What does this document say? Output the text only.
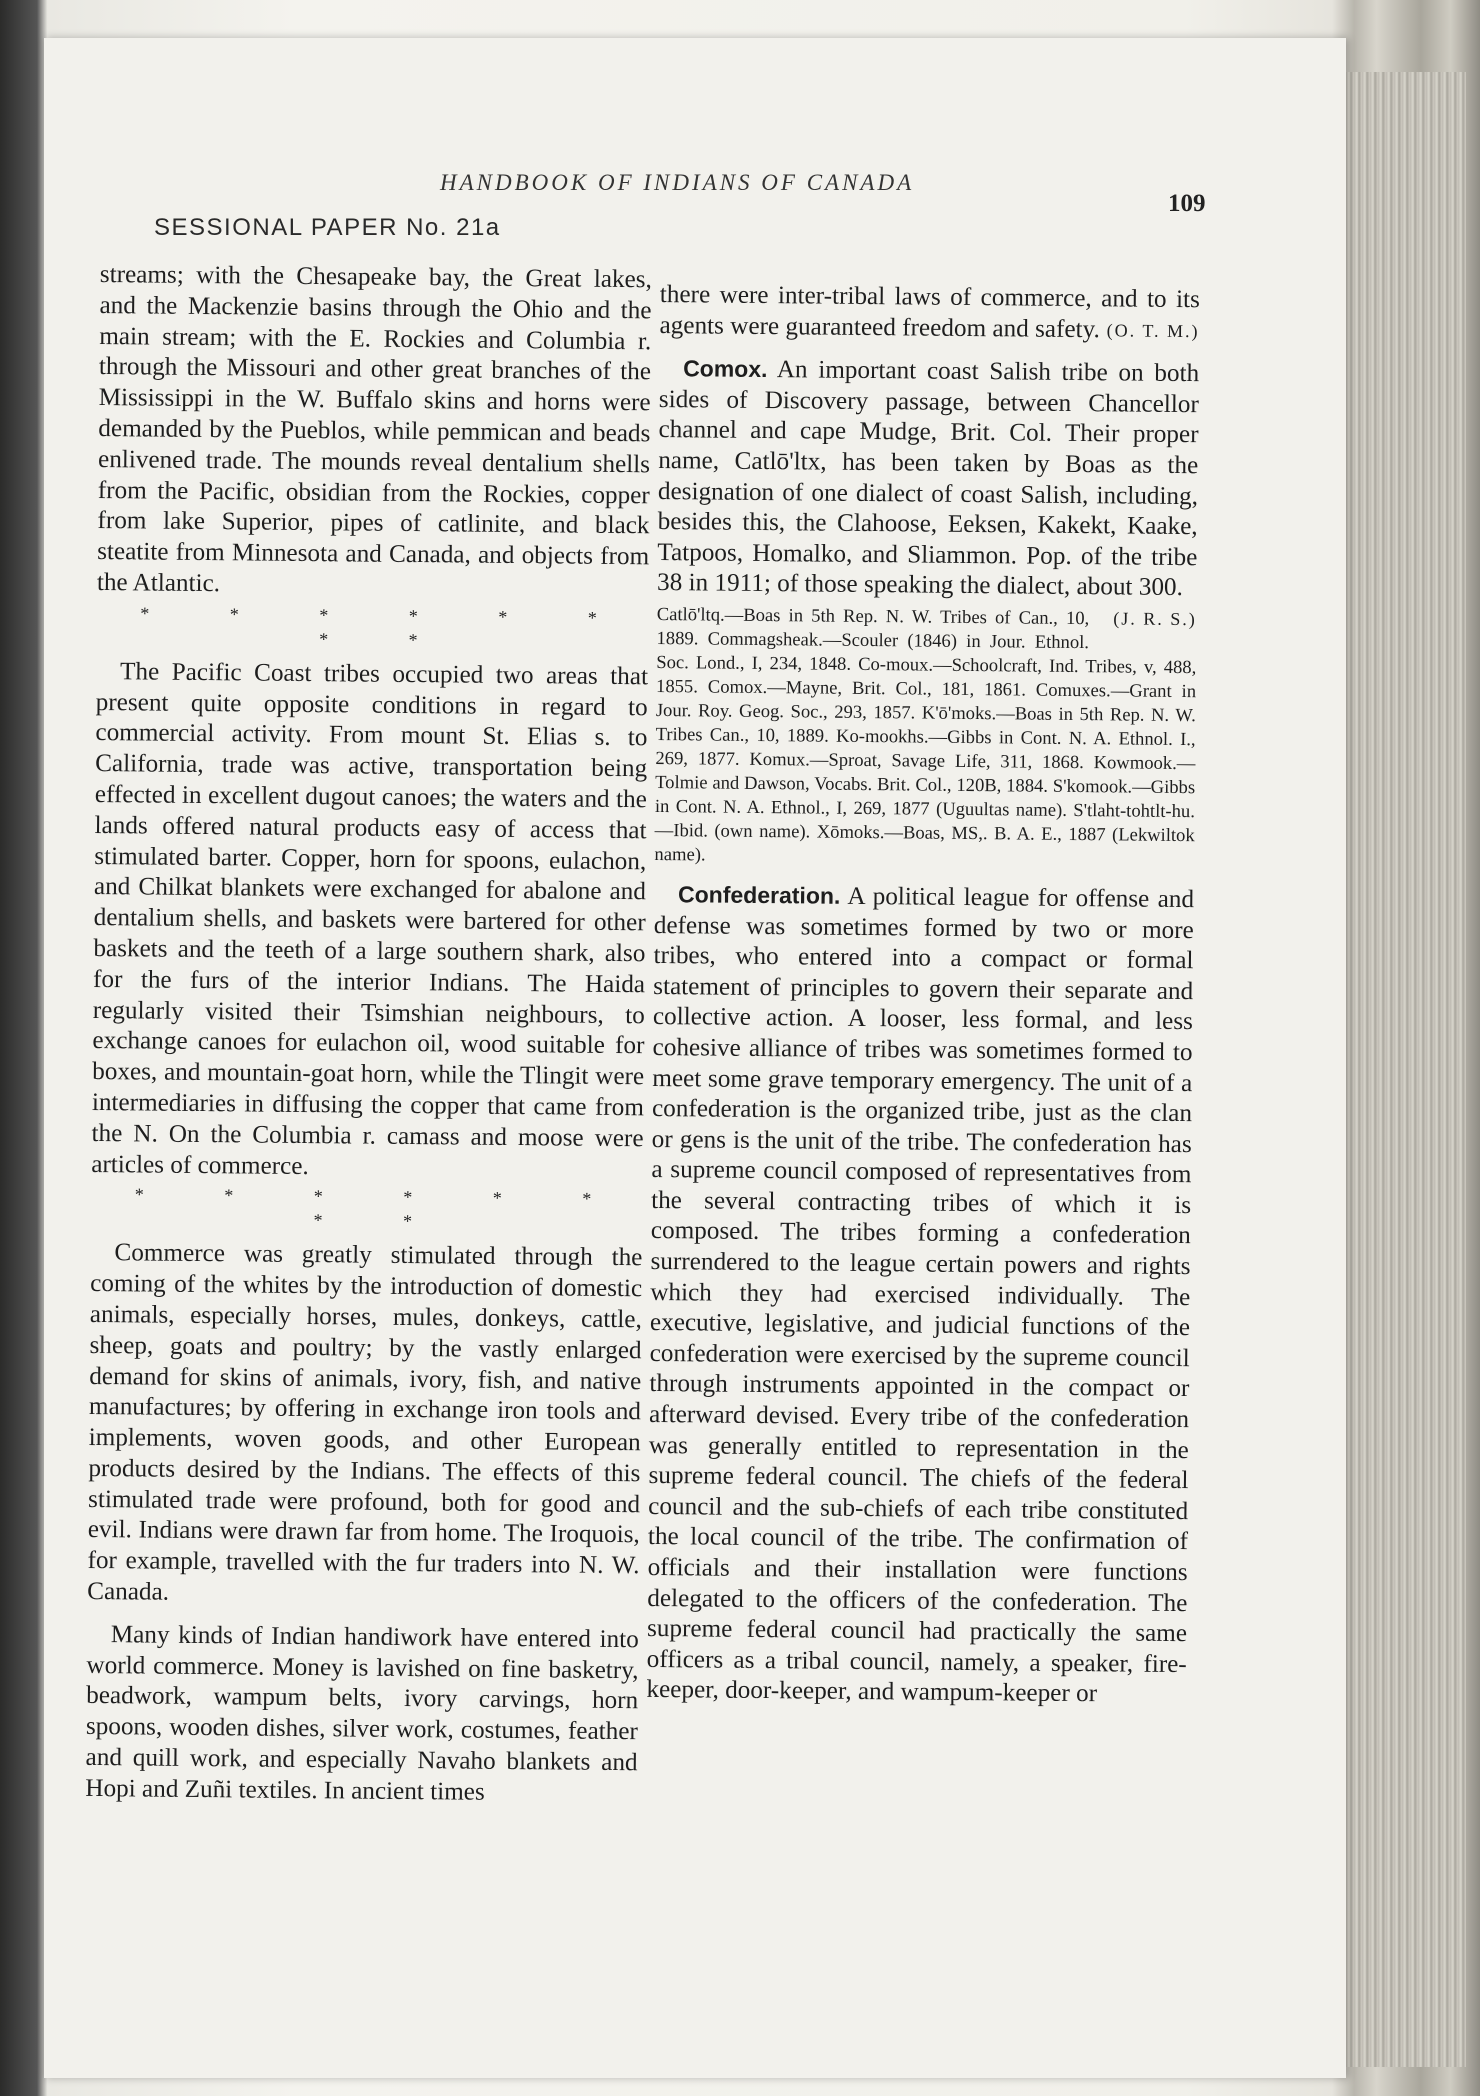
HANDBOOK OF INDIANS OF CANADA
109
SESSIONAL PAPER No. 21a

streams; with the Chesapeake bay, the Great lakes, and the Mackenzie basins through the Ohio and the main stream; with the E. Rockies and Columbia r. through the Missouri and other great branches of the Mississippi in the W. Buffalo skins and horns were demanded by the Pueblos, while pemmican and beads enlivened trade. The mounds reveal dentalium shells from the Pacific, obsidian from the Rockies, copper from lake Superior, pipes of catlinite, and black steatite from Minnesota and Canada, and objects from the Atlantic.

* * * * * * * *

The Pacific Coast tribes occupied two areas that present quite opposite conditions in regard to commercial activity. From mount St. Elias s. to California, trade was active, transportation being effected in excellent dugout canoes; the waters and the lands offered natural products easy of access that stimulated barter. Copper, horn for spoons, eulachon, and Chilkat blankets were exchanged for abalone and dentalium shells, and baskets were bartered for other baskets and the teeth of a large southern shark, also for the furs of the interior Indians. The Haida regularly visited their Tsimshian neighbours, to exchange canoes for eulachon oil, wood suitable for boxes, and mountain-goat horn, while the Tlingit were intermediaries in diffusing the copper that came from the N. On the Columbia r. camass and moose were articles of commerce.

* * * * * * * *

Commerce was greatly stimulated through the coming of the whites by the introduction of domestic animals, especially horses, mules, donkeys, cattle, sheep, goats and poultry; by the vastly enlarged demand for skins of animals, ivory, fish, and native manufactures; by offering in exchange iron tools and implements, woven goods, and other European products desired by the Indians. The effects of this stimulated trade were profound, both for good and evil. Indians were drawn far from home. The Iroquois, for example, travelled with the fur traders into N. W. Canada.

Many kinds of Indian handiwork have entered into world commerce. Money is lavished on fine basketry, beadwork, wampum belts, ivory carvings, horn spoons, wooden dishes, silver work, costumes, feather and quill work, and especially Navaho blankets and Hopi and Zuñi textiles. In ancient times

there were inter-tribal laws of commerce, and to its agents were guaranteed freedom and safety. (O. T. M.)

Comox. An important coast Salish tribe on both sides of Discovery passage, between Chancellor channel and cape Mudge, Brit. Col. Their proper name, Catlō'ltx, has been taken by Boas as the designation of one dialect of coast Salish, including, besides this, the Clahoose, Eeksen, Kakekt, Kaake, Tatpoos, Homalko, and Sliammon. Pop. of the tribe 38 in 1911; of those speaking the dialect, about 300.
(J. R. S.)

Catlō'ltq.—Boas in 5th Rep. N. W. Tribes of Can., 10, 1889. Commagsheak.—Scouler (1846) in Jour. Ethnol. Soc. Lond., I, 234, 1848. Co-moux.—Schoolcraft, Ind. Tribes, v, 488, 1855. Comox.—Mayne, Brit. Col., 181, 1861. Comuxes.—Grant in Jour. Roy. Geog. Soc., 293, 1857. K'ō'moks.—Boas in 5th Rep. N. W. Tribes Can., 10, 1889. Ko-mookhs.—Gibbs in Cont. N. A. Ethnol. I., 269, 1877. Komux.—Sproat, Savage Life, 311, 1868. Kowmook.—Tolmie and Dawson, Vocabs. Brit. Col., 120B, 1884. S'komook.—Gibbs in Cont. N. A. Ethnol., I, 269, 1877 (Uguultas name). S'tlaht-tohtlt-hu.—Ibid. (own name). Xōmoks.—Boas, MS,. B. A. E., 1887 (Lekwiltok name).

Confederation. A political league for offense and defense was sometimes formed by two or more tribes, who entered into a compact or formal statement of principles to govern their separate and collective action. A looser, less formal, and less cohesive alliance of tribes was sometimes formed to meet some grave temporary emergency. The unit of a confederation is the organized tribe, just as the clan or gens is the unit of the tribe. The confederation has a supreme council composed of representatives from the several contracting tribes of which it is composed. The tribes forming a confederation surrendered to the league certain powers and rights which they had exercised individually. The executive, legislative, and judicial functions of the confederation were exercised by the supreme council through instruments appointed in the compact or afterward devised. Every tribe of the confederation was generally entitled to representation in the supreme federal council. The chiefs of the federal council and the sub-chiefs of each tribe constituted the local council of the tribe. The confirmation of officials and their installation were functions delegated to the officers of the confederation. The supreme federal council had practically the same officers as a tribal council, namely, a speaker, firekeeper, door-keeper, and wampum-keeper or
